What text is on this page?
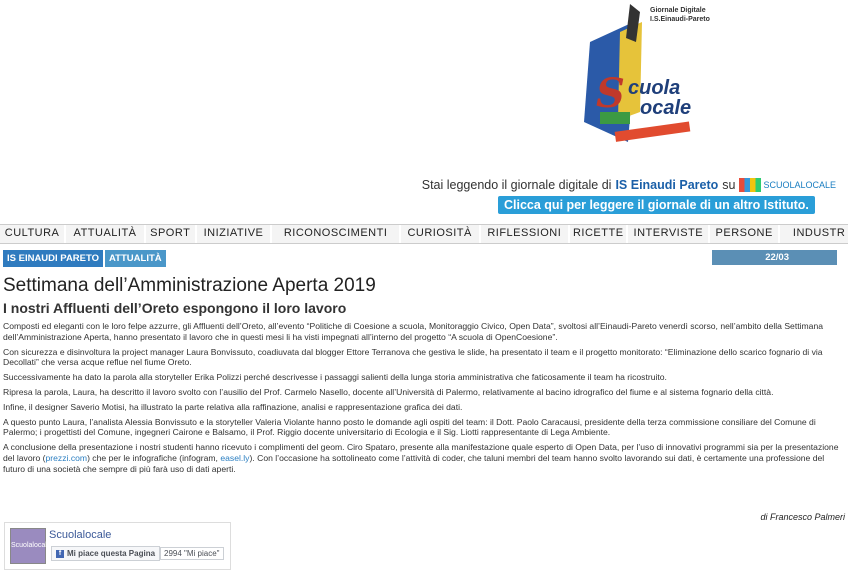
S cuola
ocale
Giornale Digitale
I.S.Einaudi-Pareto
Stai leggendo il giornale digitale di IS Einaudi Pareto su	SCUOLALOCALE
Clicca qui per leggere il giornale di un altro Istituto.
CULTURA	ATTUALITÀ	SPORT	INIZIATIVE	RICONOSCIMENTI	CURIOSITÀ	RIFLESSIONI	RICETTE INTERVISTE	PERSONE	INDUSTR
IS EINAUDI PARETO	ATTUALITÀ	22/03
Settimana dell’Amministrazione Aperta 2019
I nostri Affluenti dell’Oreto espongono il loro lavoro

Composti ed eleganti con le loro felpe azzurre, gli Affluenti dell’Oreto, all’evento “Politiche di Coesione a scuola, Monitoraggio Civico, Open Data”, svoltosi all’Einaudi-Pareto venerdì scorso, nell’ambito della Settimana dell’Amministrazione Aperta, hanno presentato il lavoro che in questi mesi li ha visti impegnati all’interno del progetto “A scuola di OpenCoesione”.

Con sicurezza e disinvoltura la project manager Laura Bonvissuto, coadiuvata dal blogger Ettore Terranova che gestiva le slide, ha presentato il team e il progetto monitorato: “Eliminazione dello scarico fognario di via Decollati” che versa acque reflue nel fiume Oreto.

Successivamente ha dato la parola alla storyteller Erika Polizzi perché descrivesse i passaggi salienti della lunga storia amministrativa che faticosamente il team ha ricostruito.

Ripresa la parola, Laura, ha descritto il lavoro svolto con l’ausilio del Prof. Carmelo Nasello, docente all’Università di Palermo, relativamente al bacino idrografico del fiume e al sistema fognario della città.

Infine, il designer Saverio Motisi, ha illustrato la parte relativa alla raffinazione, analisi e rappresentazione grafica dei dati.

A questo punto Laura, l’analista Alessia Bonvissuto e la storyteller Valeria Violante hanno posto le domande agli ospiti del team: il Dott. Paolo Caracausi, presidente della terza commissione consiliare del Comune di Palermo; i progettisti del Comune, ingegneri Cairone e Balsamo, il Prof. Riggio docente universitario di Ecologia e il Sig. Liotti rappresentante di Lega Ambiente.

A conclusione della presentazione i nostri studenti hanno ricevuto i complimenti del geom. Ciro Spataro, presente alla manifestazione quale esperto di Open Data, per l’uso di innovativi programmi sia per la presentazione del lavoro (prezzi.com) che per le infografiche (infogram, easel.ly). Con l’occasione ha sottolineato come l’attività di coder, che taluni membri del team hanno svolto lavorando sui dati, è certamente una professione del futuro di una società che sempre di più farà uso di dati aperti.

di Francesco Palmeri
Scuolalocale
Scuolalocale
f Mi piace questa Pagina	2994 "Mi piace"
